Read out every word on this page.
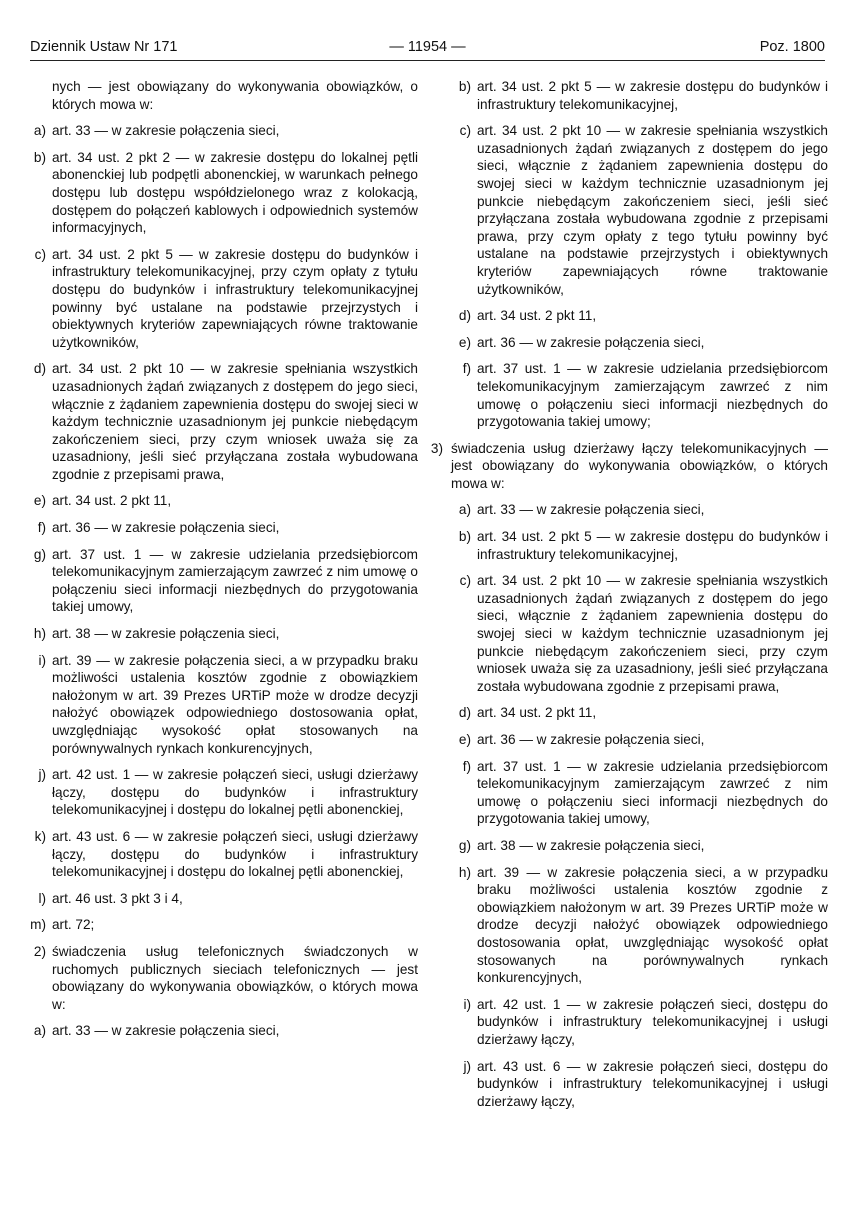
Dziennik Ustaw Nr 171	— 11954 —	Poz. 1800

nych — jest obowiązany do wykonywania obowiązków, o których mowa w:

a) art. 33 — w zakresie połączenia sieci,
b) art. 34 ust. 2 pkt 2 — w zakresie dostępu do lokalnej pętli abonenckiej lub podpętli abonenckiej, w warunkach pełnego dostępu lub dostępu współdzielonego wraz z kolokacją, dostępem do połączeń kablowych i odpowiednich systemów informacyjnych,
c) art. 34 ust. 2 pkt 5 — w zakresie dostępu do budynków i infrastruktury telekomunikacyjnej, przy czym opłaty z tytułu dostępu do budynków i infrastruktury telekomunikacyjnej powinny być ustalane na podstawie przejrzystych i obiektywnych kryteriów zapewniających równe traktowanie użytkowników,
d) art. 34 ust. 2 pkt 10 — w zakresie spełniania wszystkich uzasadnionych żądań związanych z dostępem do jego sieci, włącznie z żądaniem zapewnienia dostępu do swojej sieci w każdym technicznie uzasadnionym jej punkcie niebędącym zakończeniem sieci, przy czym wniosek uważa się za uzasadniony, jeśli sieć przyłączana została wybudowana zgodnie z przepisami prawa,
e) art. 34 ust. 2 pkt 11,
f) art. 36 — w zakresie połączenia sieci,
g) art. 37 ust. 1 — w zakresie udzielania przedsiębiorcom telekomunikacyjnym zamierzającym zawrzeć z nim umowę o połączeniu sieci informacji niezbędnych do przygotowania takiej umowy,
h) art. 38 — w zakresie połączenia sieci,
i) art. 39 — w zakresie połączenia sieci, a w przypadku braku możliwości ustalenia kosztów zgodnie z obowiązkiem nałożonym w art. 39 Prezes URTiP może w drodze decyzji nałożyć obowiązek odpowiedniego dostosowania opłat, uwzględniając wysokość opłat stosowanych na porównywalnych rynkach konkurencyjnych,
j) art. 42 ust. 1 — w zakresie połączeń sieci, usługi dzierżawy łączy, dostępu do budynków i infrastruktury telekomunikacyjnej i dostępu do lokalnej pętli abonenckiej,
k) art. 43 ust. 6 — w zakresie połączeń sieci, usługi dzierżawy łączy, dostępu do budynków i infrastruktury telekomunikacyjnej i dostępu do lokalnej pętli abonenckiej,
l) art. 46 ust. 3 pkt 3 i 4,
m) art. 72;
2) świadczenia usług telefonicznych świadczonych w ruchomych publicznych sieciach telefonicznych — jest obowiązany do wykonywania obowiązków, o których mowa w:
a) art. 33 — w zakresie połączenia sieci,
b) art. 34 ust. 2 pkt 5 — w zakresie dostępu do budynków i infrastruktury telekomunikacyjnej,
c) art. 34 ust. 2 pkt 10 — w zakresie spełniania wszystkich uzasadnionych żądań związanych z dostępem do jego sieci, włącznie z żądaniem zapewnienia dostępu do swojej sieci w każdym technicznie uzasadnionym jej punkcie niebędącym zakończeniem sieci, jeśli sieć przyłączana została wybudowana zgodnie z przepisami prawa, przy czym opłaty z tego tytułu powinny być ustalane na podstawie przejrzystych i obiektywnych kryteriów zapewniających równe traktowanie użytkowników,
d) art. 34 ust. 2 pkt 11,
e) art. 36 — w zakresie połączenia sieci,
f) art. 37 ust. 1 — w zakresie udzielania przedsiębiorcom telekomunikacyjnym zamierzającym zawrzeć z nim umowę o połączeniu sieci informacji niezbędnych do przygotowania takiej umowy;
3) świadczenia usług dzierżawy łączy telekomunikacyjnych — jest obowiązany do wykonywania obowiązków, o których mowa w:
a) art. 33 — w zakresie połączenia sieci,
b) art. 34 ust. 2 pkt 5 — w zakresie dostępu do budynków i infrastruktury telekomunikacyjnej,
c) art. 34 ust. 2 pkt 10 — w zakresie spełniania wszystkich uzasadnionych żądań związanych z dostępem do jego sieci, włącznie z żądaniem zapewnienia dostępu do swojej sieci w każdym technicznie uzasadnionym jej punkcie niebędącym zakończeniem sieci, przy czym wniosek uważa się za uzasadniony, jeśli sieć przyłączana została wybudowana zgodnie z przepisami prawa,
d) art. 34 ust. 2 pkt 11,
e) art. 36 — w zakresie połączenia sieci,
f) art. 37 ust. 1 — w zakresie udzielania przedsiębiorcom telekomunikacyjnym zamierzającym zawrzeć z nim umowę o połączeniu sieci informacji niezbędnych do przygotowania takiej umowy,
g) art. 38 — w zakresie połączenia sieci,
h) art. 39 — w zakresie połączenia sieci, a w przypadku braku możliwości ustalenia kosztów zgodnie z obowiązkiem nałożonym w art. 39 Prezes URTiP może w drodze decyzji nałożyć obowiązek odpowiedniego dostosowania opłat, uwzględniając wysokość opłat stosowanych na porównywalnych rynkach konkurencyjnych,
i) art. 42 ust. 1 — w zakresie połączeń sieci, dostępu do budynków i infrastruktury telekomunikacyjnej i usługi dzierżawy łączy,
j) art. 43 ust. 6 — w zakresie połączeń sieci, dostępu do budynków i infrastruktury telekomunikacyjnej i usługi dzierżawy łączy,
